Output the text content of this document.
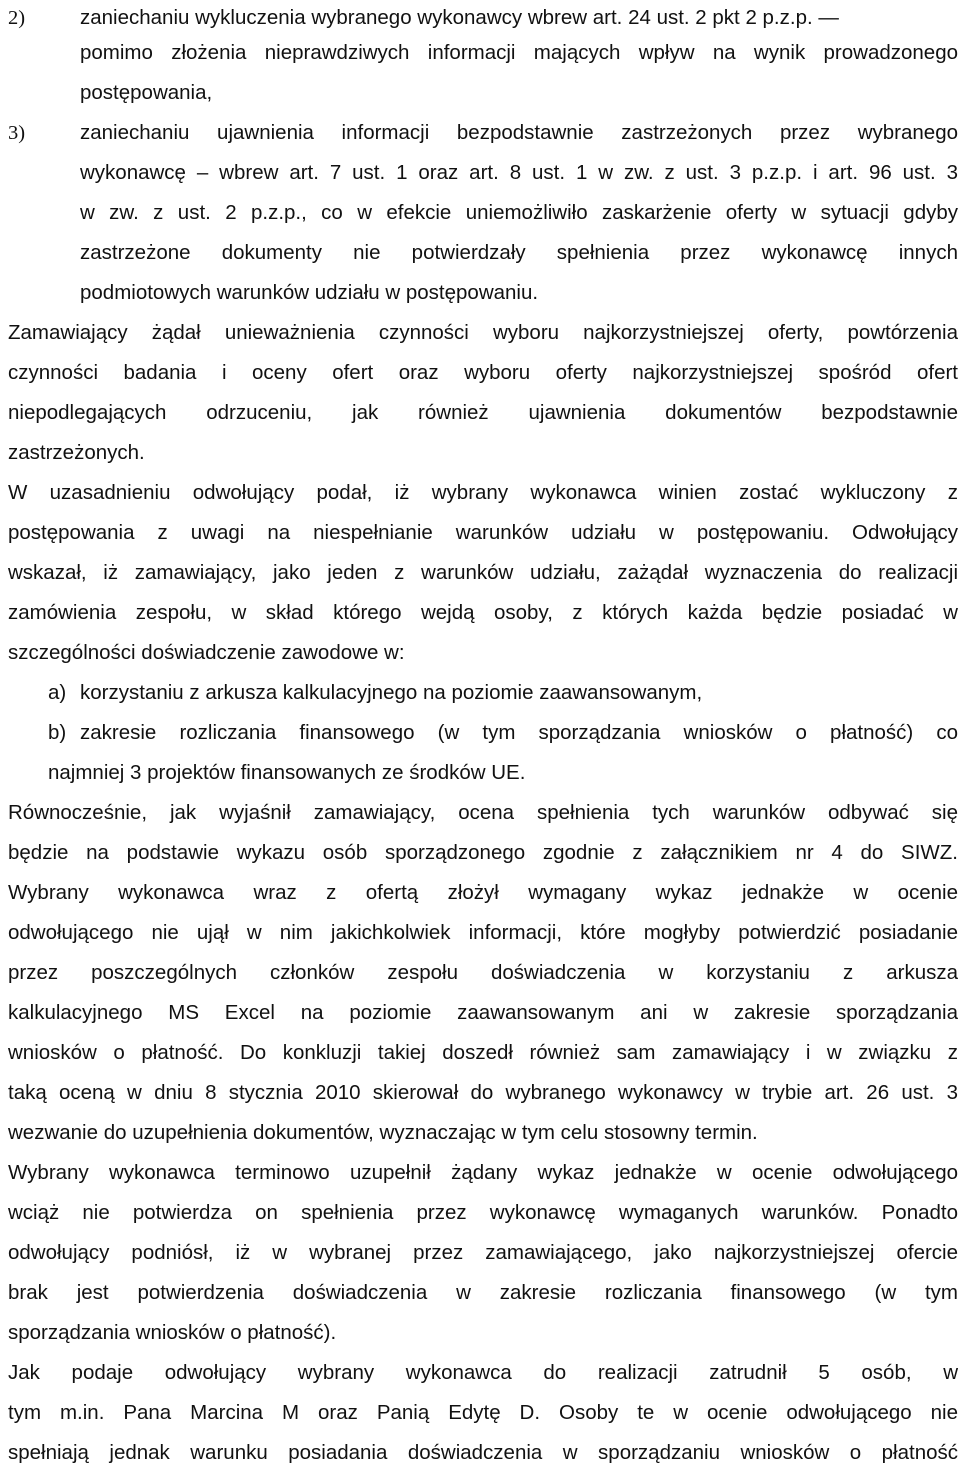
2)	zaniechaniu wykluczenia wybranego wykonawcy wbrew art. 24 ust. 2 pkt 2 p.z.p. —
pomimo złożenia nieprawdziwych informacji mających wpływ na wynik prowadzonego
postępowania,
3)	zaniechaniu ujawnienia informacji bezpodstawnie zastrzeżonych przez wybranego
wykonawcę – wbrew art. 7 ust. 1 oraz art. 8 ust. 1 w zw. z ust. 3 p.z.p. i art. 96 ust. 3
w zw. z ust. 2 p.z.p., co w efekcie uniemożliwiło zaskarżenie oferty w sytuacji gdyby
zastrzeżone dokumenty nie potwierdzały spełnienia przez wykonawcę innych
podmiotowych warunków udziału w postępowaniu.
Zamawiający żądał unieważnienia czynności wyboru najkorzystniejszej oferty, powtórzenia
czynności badania i oceny ofert oraz wyboru oferty najkorzystniejszej spośród ofert
niepodlegających odrzuceniu, jak również ujawnienia dokumentów bezpodstawnie
zastrzeżonych.
W uzasadnieniu odwołujący podał, iż wybrany wykonawca winien zostać wykluczony z
postępowania z uwagi na niespełnianie warunków udziału w postępowaniu. Odwołujący
wskazał, iż zamawiający, jako jeden z warunków udziału, zażądał wyznaczenia do realizacji
zamówienia zespołu, w skład którego wejdą osoby, z których każda będzie posiadać w
szczególności doświadczenie zawodowe w:
a) korzystaniu z arkusza kalkulacyjnego na poziomie zaawansowanym,
b) zakresie rozliczania finansowego (w tym sporządzania wniosków o płatność) co
najmniej 3 projektów finansowanych ze środków UE.
Równocześnie, jak wyjaśnił zamawiający, ocena spełnienia tych warunków odbywać się
będzie na podstawie wykazu osób sporządzonego zgodnie z załącznikiem nr 4 do SIWZ.
Wybrany wykonawca wraz z ofertą złożył wymagany wykaz jednakże w ocenie
odwołującego nie ujął w nim jakichkolwiek informacji, które mogłyby potwierdzić posiadanie
przez poszczególnych członków zespołu doświadczenia w korzystaniu z arkusza
kalkulacyjnego MS Excel na poziomie zaawansowanym ani w zakresie sporządzania
wniosków o płatność. Do konkluzji takiej doszedł również sam zamawiający i w związku z
taką oceną w dniu 8 stycznia 2010 skierował do wybranego wykonawcy w trybie art. 26 ust. 3
wezwanie do uzupełnienia dokumentów, wyznaczając w tym celu stosowny termin.
Wybrany wykonawca terminowo uzupełnił żądany wykaz jednakże w ocenie odwołującego
wciąż nie potwierdza on spełnienia przez wykonawcę wymaganych warunków. Ponadto
odwołujący podniósł, iż w wybranej przez zamawiającego, jako najkorzystniejszej ofercie
brak jest potwierdzenia doświadczenia w zakresie rozliczania finansowego (w tym
sporządzania wniosków o płatność).
Jak podaje odwołujący wybrany wykonawca do realizacji zatrudnił 5 osób, w
tym m.in. Pana Marcina M oraz Panią Edytę D. Osoby te w ocenie odwołującego nie
spełniają jednak warunku posiadania doświadczenia w sporządzaniu wniosków o płatność
